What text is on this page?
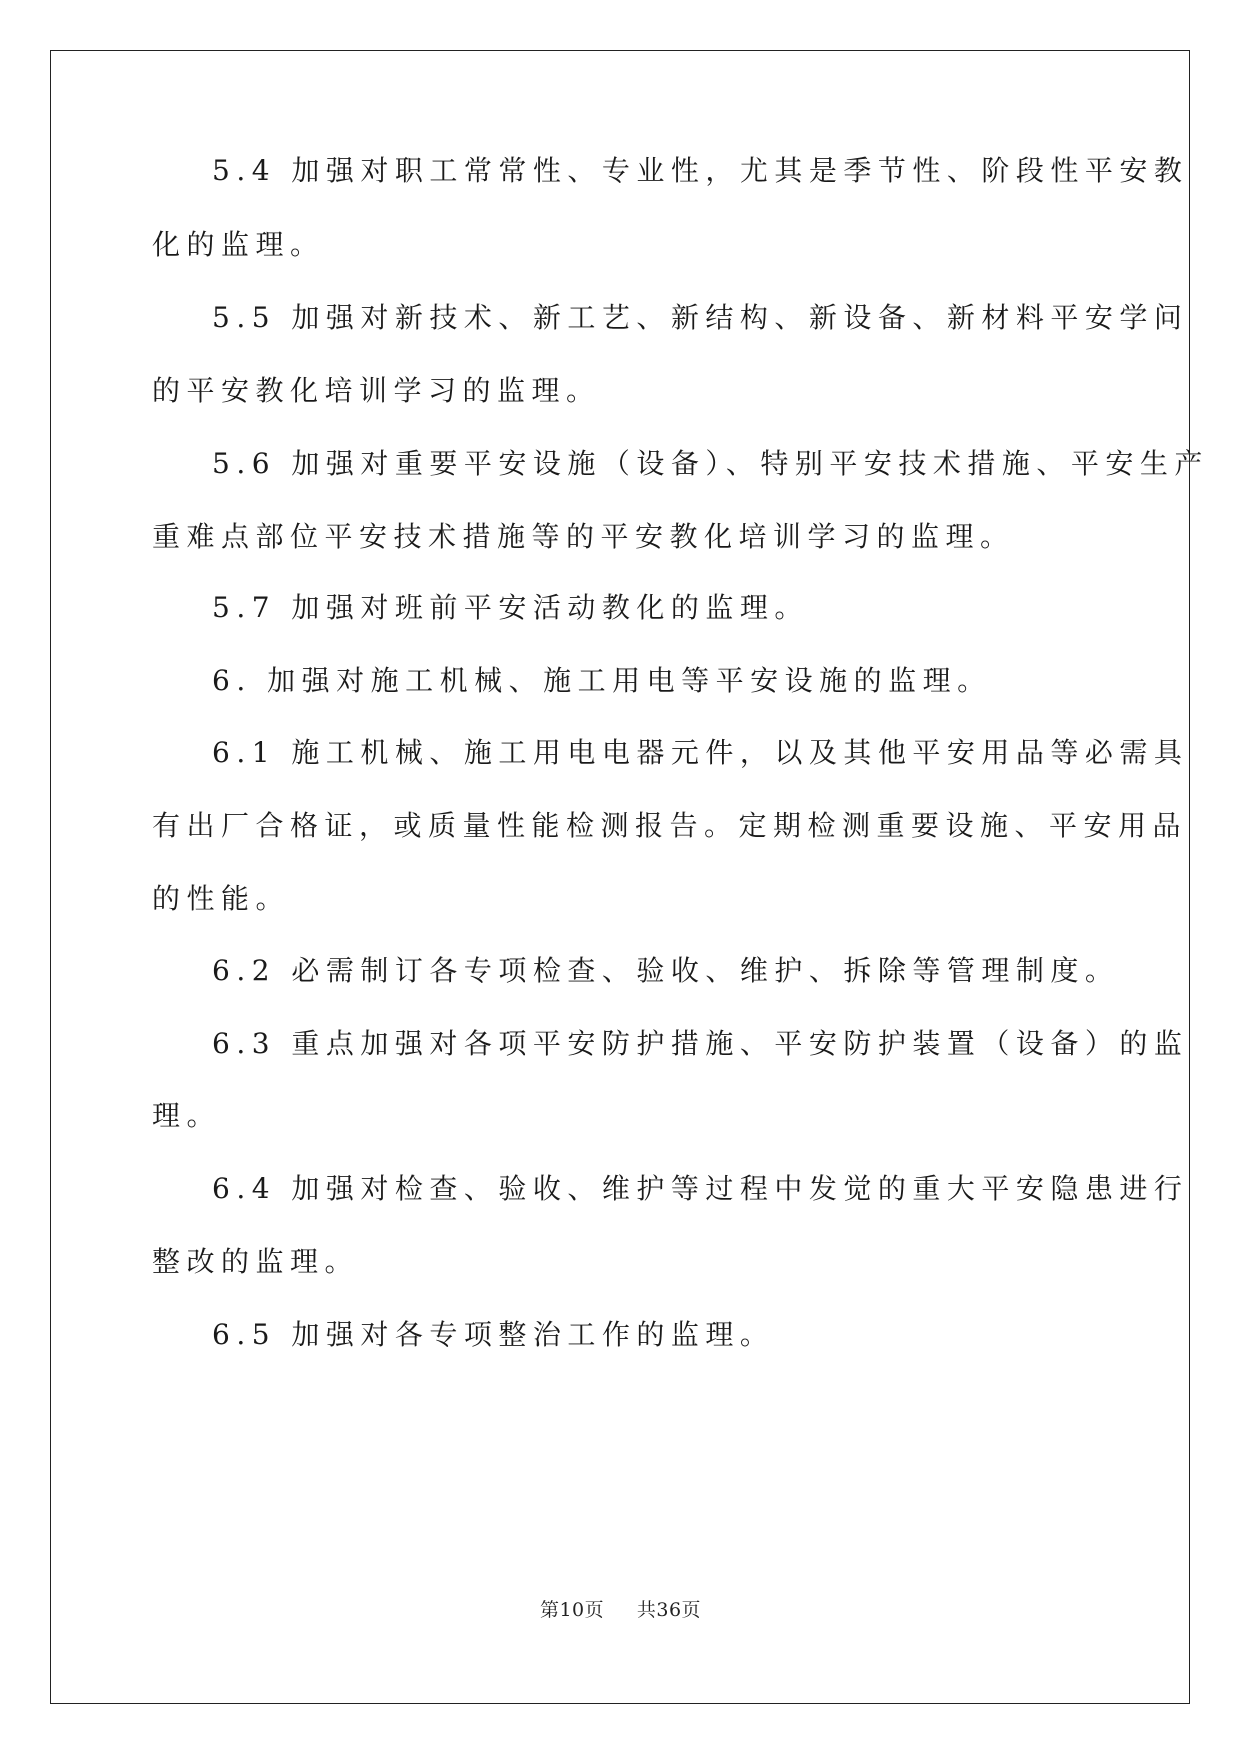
5.4 加强对职工常常性、专业性，尤其是季节性、阶段性平安教
化的监理。
5.5 加强对新技术、新工艺、新结构、新设备、新材料平安学问
的平安教化培训学习的监理。
5.6 加强对重要平安设施（设备）、特别平安技术措施、平安生产
重难点部位平安技术措施等的平安教化培训学习的监理。
5.7 加强对班前平安活动教化的监理。
6. 加强对施工机械、施工用电等平安设施的监理。
6.1 施工机械、施工用电电器元件，以及其他平安用品等必需具
有出厂合格证，或质量性能检测报告。定期检测重要设施、平安用品
的性能。
6.2 必需制订各专项检查、验收、维护、拆除等管理制度。
6.3 重点加强对各项平安防护措施、平安防护装置（设备）的监
理。
6.4 加强对检查、验收、维护等过程中发觉的重大平安隐患进行
整改的监理。
6.5 加强对各专项整治工作的监理。
第10页 共36页
